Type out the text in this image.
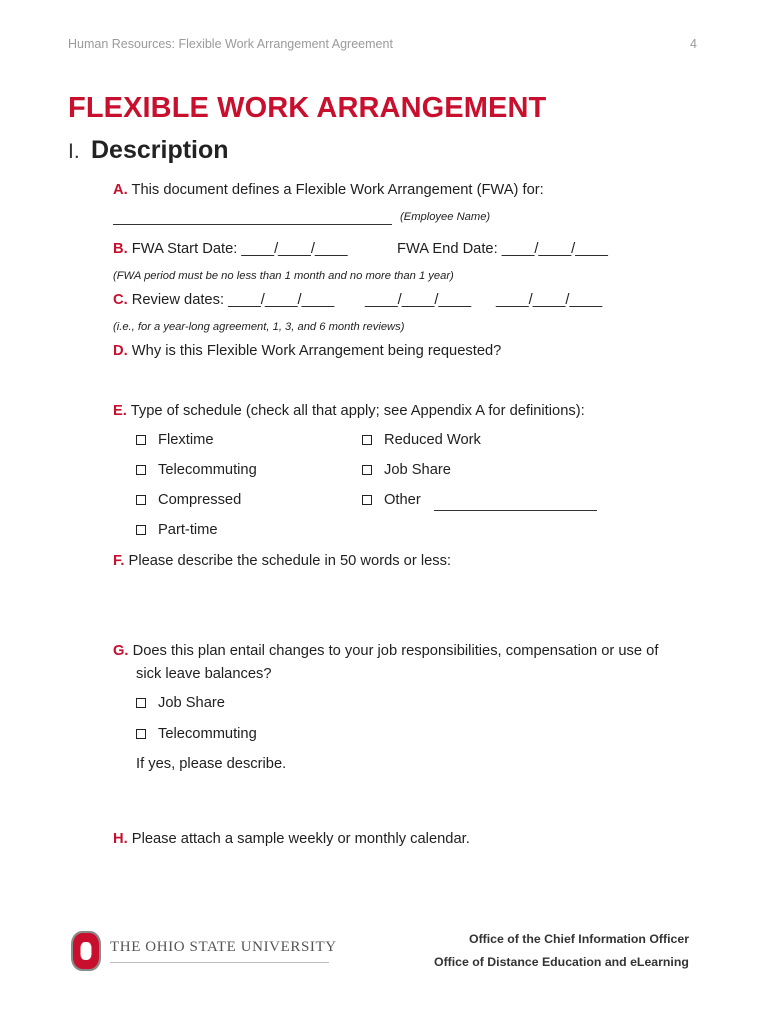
Human Resources: Flexible Work Arrangement Agreement	4
FLEXIBLE WORK ARRANGEMENT
I. Description
A. This document defines a Flexible Work Arrangement (FWA) for:
(Employee Name)
B. FWA Start Date: ____/____/____	FWA End Date: ____/____/____
(FWA period must be no less than 1 month and no more than 1 year)
C. Review dates: ____/____/____ ____/____/____ ____/____/____
(i.e., for a year-long agreement, 1, 3, and 6 month reviews)
D. Why is this Flexible Work Arrangement being requested?
E. Type of schedule (check all that apply; see Appendix A for definitions):
Flextime
Telecommuting
Compressed
Part-time
Reduced Work
Job Share
Other
F. Please describe the schedule in 50 words or less:
G. Does this plan entail changes to your job responsibilities, compensation or use of
sick leave balances?
Job Share
Telecommuting
If yes, please describe.
H. Please attach a sample weekly or monthly calendar.
THE OHIO STATE UNIVERSITY	Office of the Chief Information Officer
Office of Distance Education and eLearning
